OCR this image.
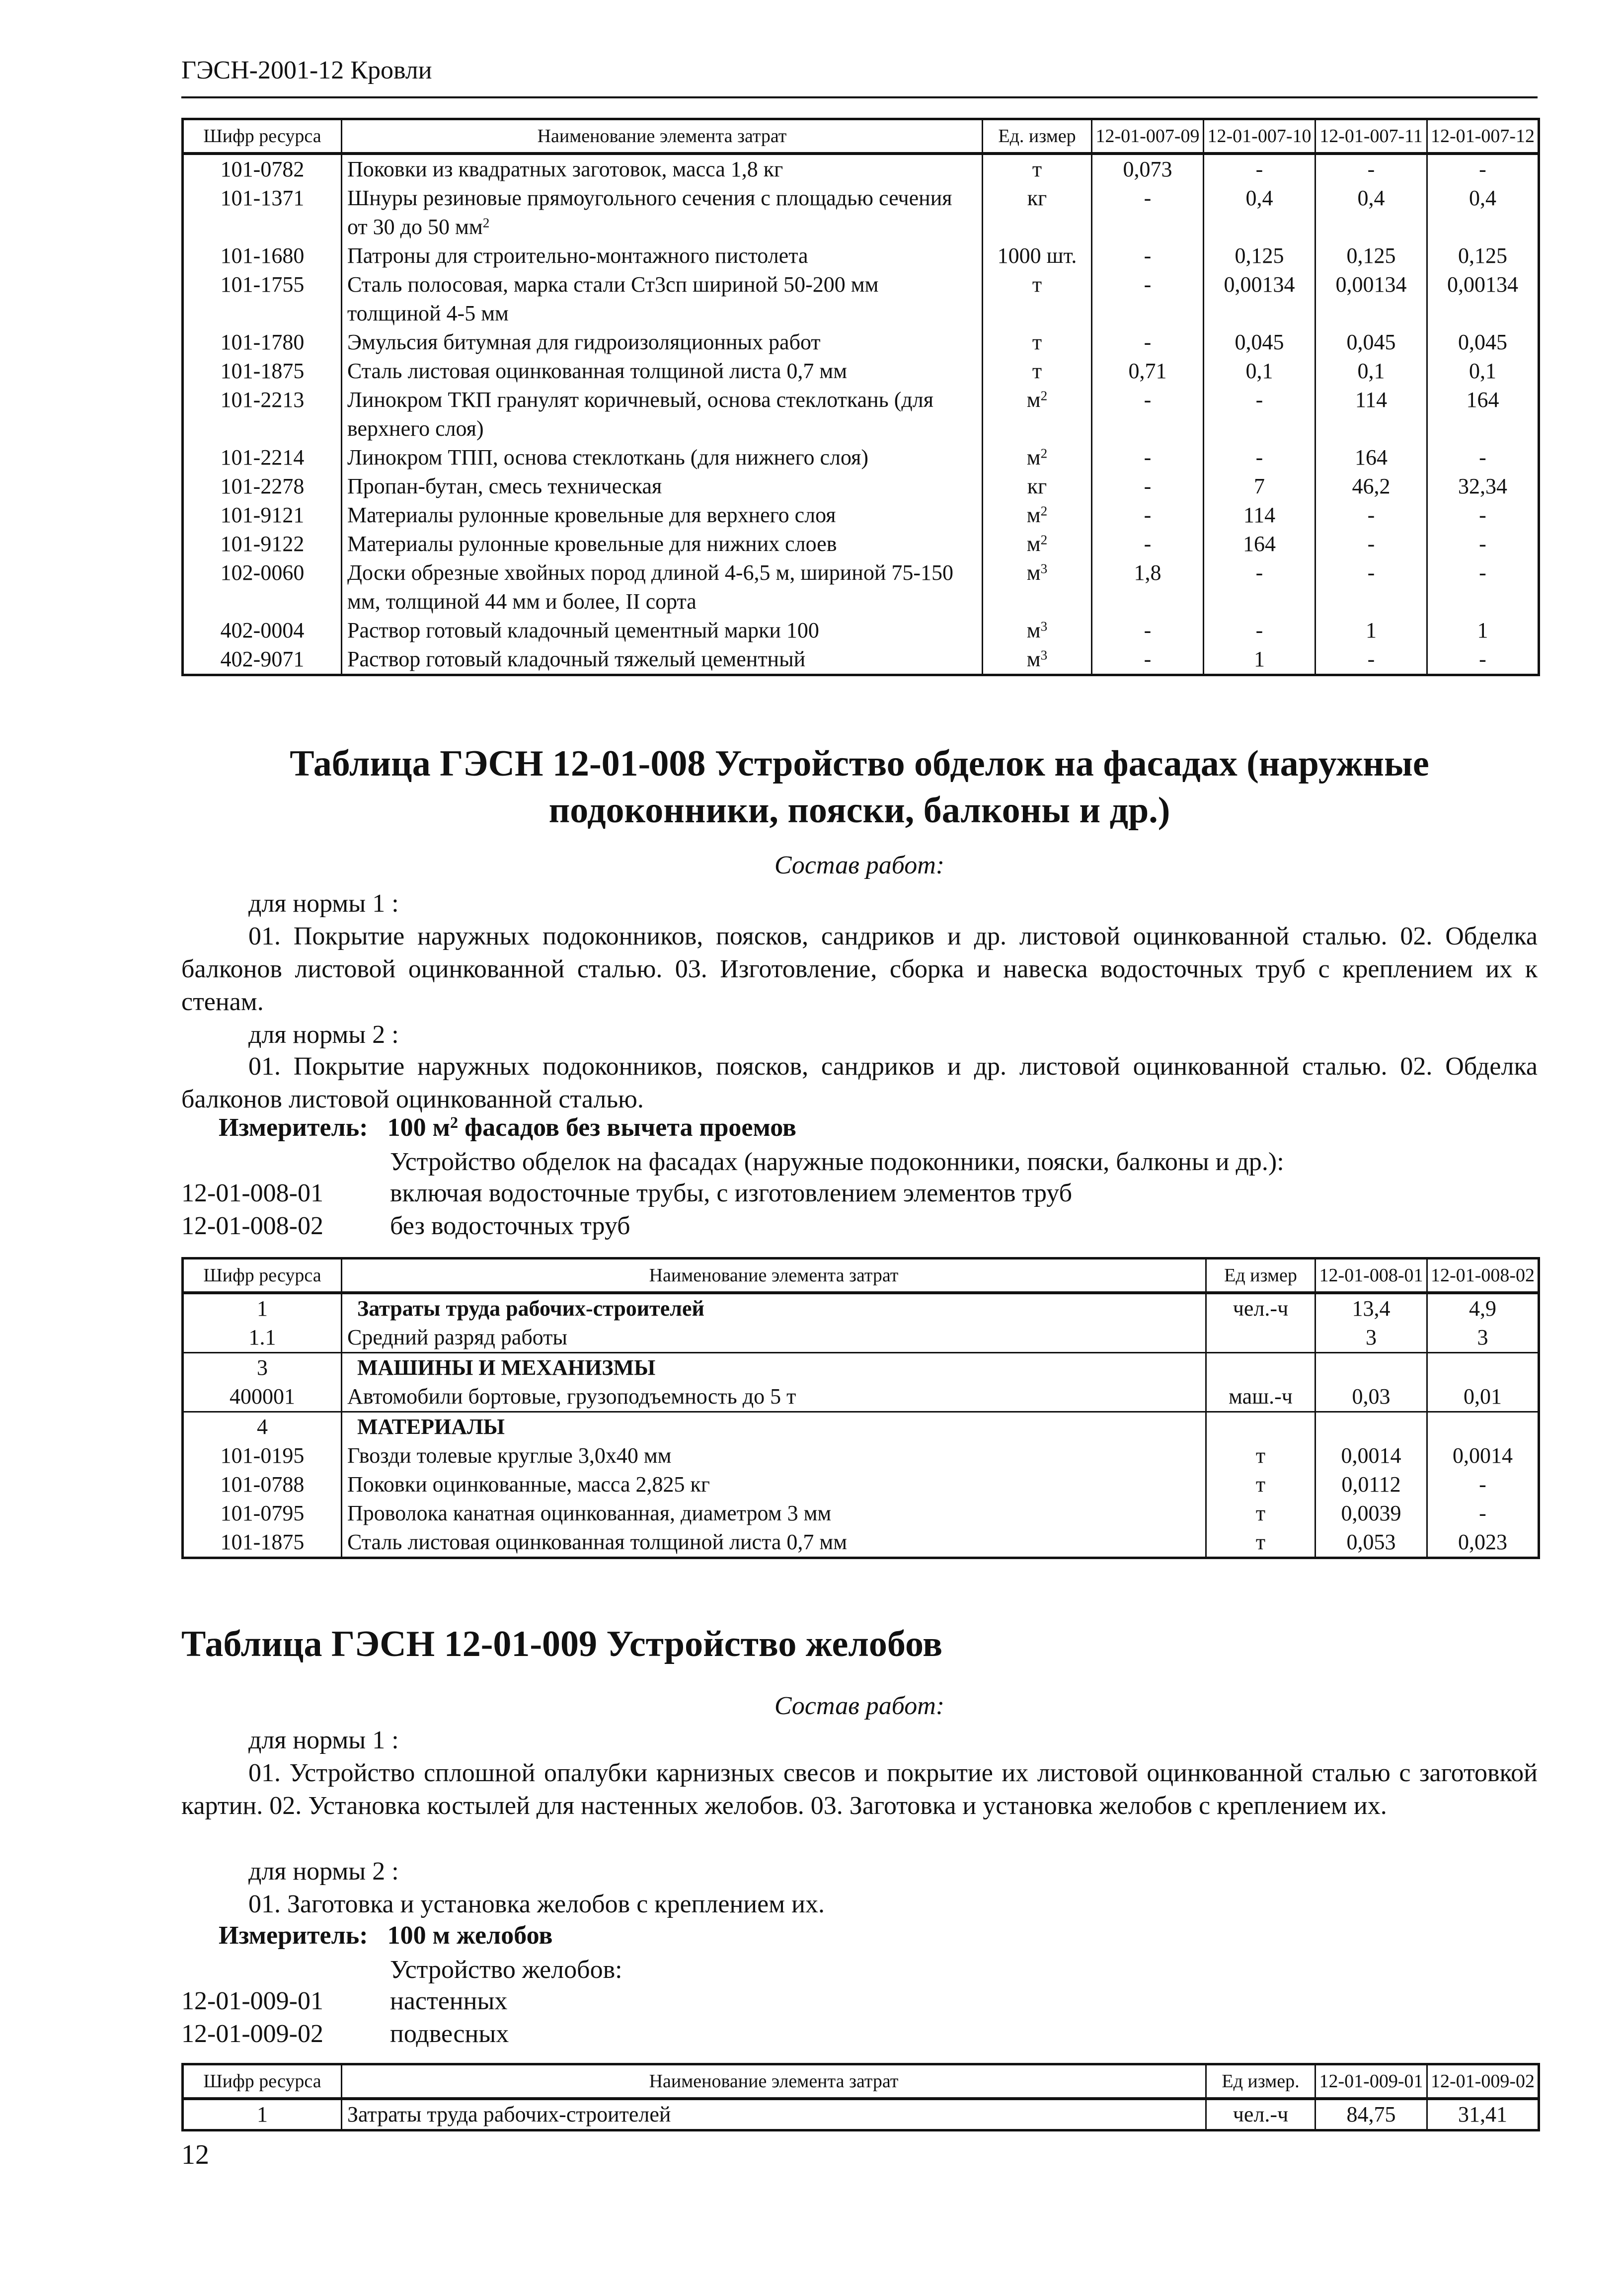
ГЭСН-2001-12 Кровли
Шифр ресурса	Наименование элемента затрат	Ед. измер	12-01-007-09	12-01-007-10	12-01-007-11	12-01-007-12
101-0782	Поковки из квадратных заготовок, масса 1,8 кг	т	0,073	-	-	-
101-1371	Шнуры резиновые прямоугольного сечения с площадью сечения от 30 до 50 $мм^2$	кг	-	0,4	0,4	0,4
101-1680	Патроны для строительно-монтажного пистолета	1000 шт.	-	0,125	0,125	0,125
101-1755	Сталь полосовая, марка стали Ст3сп шириной 50-200 мм толщиной 4-5 мм	т	-	0,00134	0,00134	0,00134
101-1780	Эмульсия битумная для гидроизоляционных работ	т	-	0,045	0,045	0,045
101-1875	Сталь листовая оцинкованная толщиной листа 0,7 мм	т	0,71	0,1	0,1	0,1
101-2213	Линокром ТКП гранулят коричневый, основа стеклоткань (для верхнего слоя)	$м^2$	-	-	114	164
101-2214	Линокром ТПП, основа стеклоткань (для нижнего слоя)	$м^2$	-	-	164	-
101-2278	Пропан-бутан, смесь техническая	кг	-	7	46,2	32,34
101-9121	Материалы рулонные кровельные для верхнего слоя	$м^2$	-	114	-	-
101-9122	Материалы рулонные кровельные для нижних слоев	$м^2$	-	164	-	-
102-0060	Доски обрезные хвойных пород длиной 4-6,5 м, шириной 75-150 мм, толщиной 44 мм и более, II сорта	$м^3$	1,8	-	-	-
402-0004	Раствор готовый кладочный цементный марки 100	$м^3$	-	-	1	1
402-9071	Раствор готовый кладочный тяжелый цементный	$м^3$	-	1	-	-
Таблица ГЭСН 12-01-008 Устройство обделок на фасадах (наружные подоконники, пояски, балконы и др.)
Состав работ:
для нормы 1 :
01. Покрытие наружных подоконников, поясков, сандриков и др. листовой оцинкованной сталью. 02. Обделка балконов листовой оцинкованной сталью. 03. Изготовление, сборка и навеска водосточных труб с креплением их к стенам.
для нормы 2 :
01. Покрытие наружных подоконников, поясков, сандриков и др. листовой оцинкованной сталью. 02. Обделка балконов листовой оцинкованной сталью.
Измеритель: 100 $м^2$ фасадов без вычета проемов
Устройство обделок на фасадах (наружные подоконники, пояски, балконы и др.):
12-01-008-01	включая водосточные трубы, с изготовлением элементов труб
12-01-008-02	без водосточных труб
Шифр ресурса	Наименование элемента затрат	Ед измер	12-01-008-01	12-01-008-02
1	Затраты труда рабочих-строителей	чел.-ч	13,4	4,9
1.1	Средний разряд работы		3	3
3	МАШИНЫ И МЕХАНИЗМЫ			
400001	Автомобили бортовые, грузоподъемность до 5 т	маш.-ч	0,03	0,01
4	МАТЕРИАЛЫ			
101-0195	Гвозди толевые круглые 3,0x40 мм	т	0,0014	0,0014
101-0788	Поковки оцинкованные, масса 2,825 кг	т	0,0112	-
101-0795	Проволока канатная оцинкованная, диаметром 3 мм	т	0,0039	-
101-1875	Сталь листовая оцинкованная толщиной листа 0,7 мм	т	0,053	0,023
Таблица ГЭСН 12-01-009 Устройство желобов
Состав работ:
для нормы 1 :
01. Устройство сплошной опалубки карнизных свесов и покрытие их листовой оцинкованной сталью с заготовкой картин. 02. Установка костылей для настенных желобов. 03. Заготовка и установка желобов с креплением их.
для нормы 2 :
01. Заготовка и установка желобов с креплением их.
Измеритель: 100 м желобов
Устройство желобов:
12-01-009-01	настенных
12-01-009-02	подвесных
Шифр ресурса	Наименование элемента затрат	Ед измер.	12-01-009-01	12-01-009-02
1	Затраты труда рабочих-строителей	чел.-ч	84,75	31,41
12
